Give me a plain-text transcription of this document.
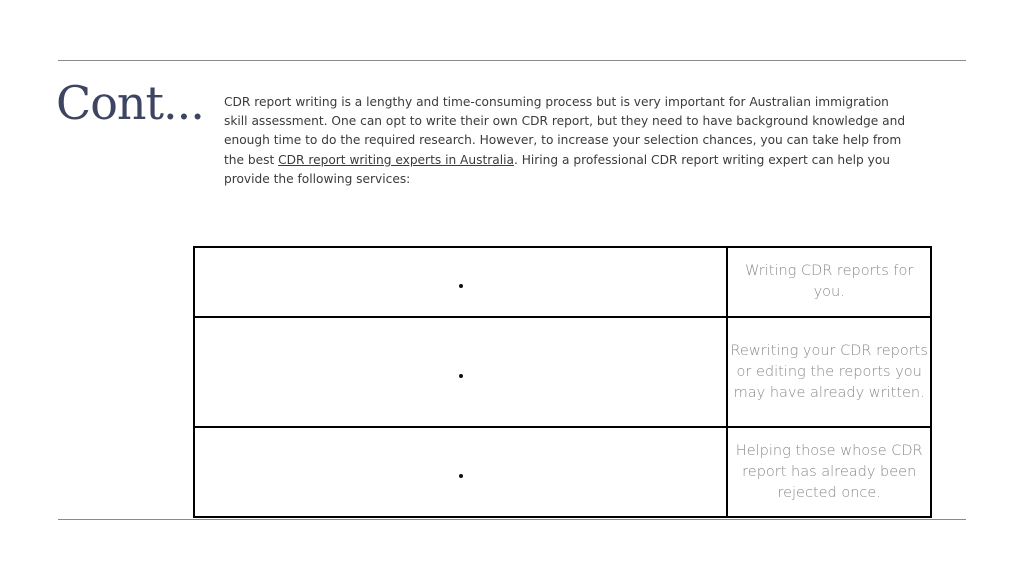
Cont... CDR report writing is a lengthy and time-consuming process but is very important for Australian immigration skill assessment. One can opt to write their own CDR report, but they need to have background knowledge and enough time to do the required research. However, to increase your selection chances, you can take help from the best CDR report writing experts in Australia. Hiring a professional CDR report writing expert can help you provide the following services:

	Writing CDR reports for you.
	Rewriting your CDR reports or editing the reports you may have already written.
	Helping those whose CDR report has already been rejected once.
